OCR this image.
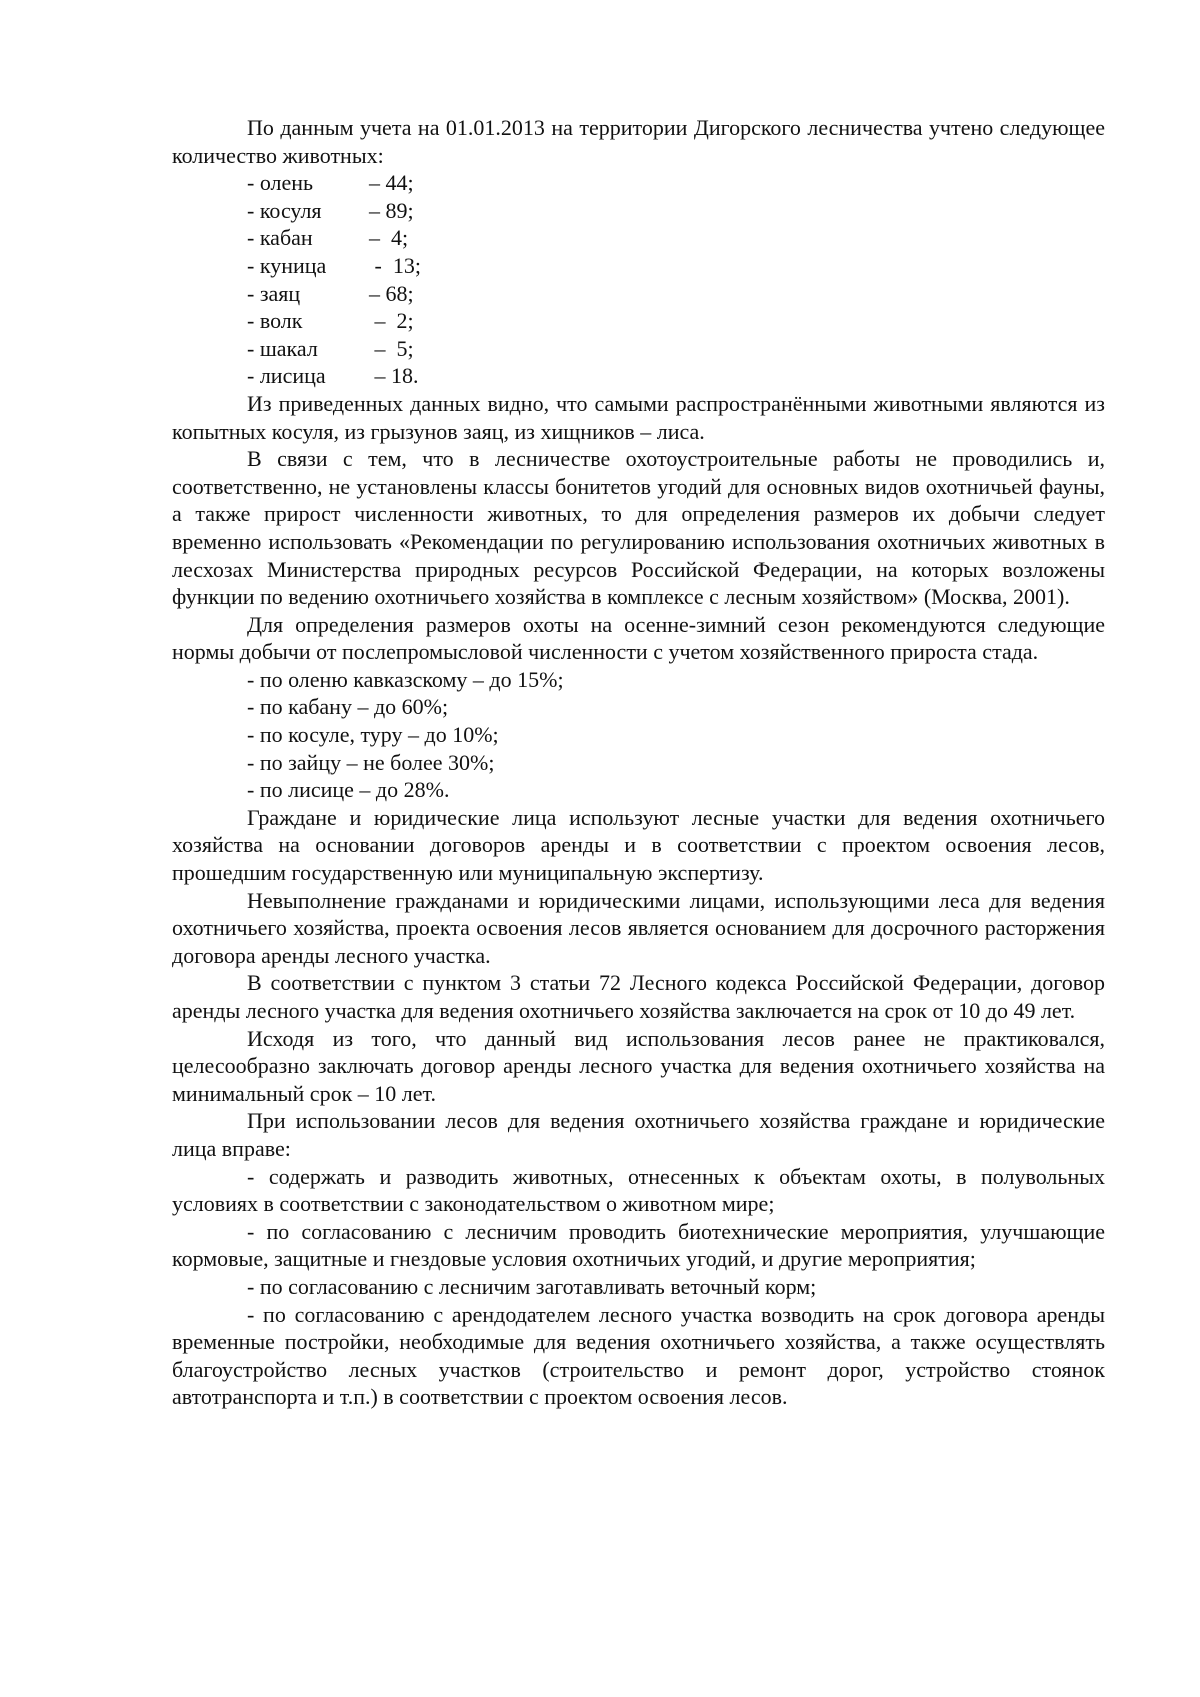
По данным учета на 01.01.2013 на территории Дигорского лесничества учтено следующее количество животных:

- олень	– 44;
- косуля	– 89;
- кабан	–  4;
- куница	-  13;
- заяц	– 68;
- волк	–  2;
- шакал	–  5;
- лисица	– 18.

Из приведенных данных видно, что самыми распространёнными животными являются из копытных косуля, из грызунов заяц, из хищников – лиса.

В связи с тем, что в лесничестве охотоустроительные работы не проводились и, соответственно, не установлены классы бонитетов угодий для основных видов охотничьей фауны, а также прирост численности животных, то для определения размеров их добычи следует временно использовать «Рекомендации по регулированию использования охотничьих животных в лесхозах Министерства природных ресурсов Российской Федерации, на которых возложены функции по ведению охотничьего хозяйства в комплексе с лесным хозяйством» (Москва, 2001).

Для определения размеров охоты на осенне-зимний сезон рекомендуются следующие нормы добычи от послепромысловой численности с учетом хозяйственного прироста стада.

- по оленю кавказскому – до 15%;

- по кабану – до 60%;

- по косуле, туру – до 10%;

- по зайцу – не более 30%;

- по лисице – до 28%.

Граждане и юридические лица используют лесные участки для ведения охотничьего хозяйства на основании договоров аренды и в соответствии с проектом освоения лесов, прошедшим государственную или муниципальную экспертизу.

Невыполнение гражданами и юридическими лицами, использующими леса для ведения охотничьего хозяйства, проекта освоения лесов является основанием для досрочного расторжения договора аренды лесного участка.

В соответствии с пунктом 3 статьи 72 Лесного кодекса Российской Федерации, договор аренды лесного участка для ведения охотничьего хозяйства заключается на срок от 10 до 49 лет.

Исходя из того, что данный вид использования лесов ранее не практиковался, целесообразно заключать договор аренды лесного участка для ведения охотничьего хозяйства на минимальный срок – 10 лет.

При использовании лесов для ведения охотничьего хозяйства граждане и юридические лица вправе:

- содержать и разводить животных, отнесенных к объектам охоты, в полувольных условиях в соответствии с законодательством о животном мире;

- по согласованию с лесничим проводить биотехнические мероприятия, улучшающие кормовые, защитные и гнездовые условия охотничьих угодий, и другие мероприятия;

- по согласованию с лесничим заготавливать веточный корм;

- по согласованию с арендодателем лесного участка возводить на срок договора аренды временные постройки, необходимые для ведения охотничьего хозяйства, а также осуществлять благоустройство лесных участков (строительство и ремонт дорог, устройство стоянок автотранспорта и т.п.) в соответствии с проектом освоения лесов.
